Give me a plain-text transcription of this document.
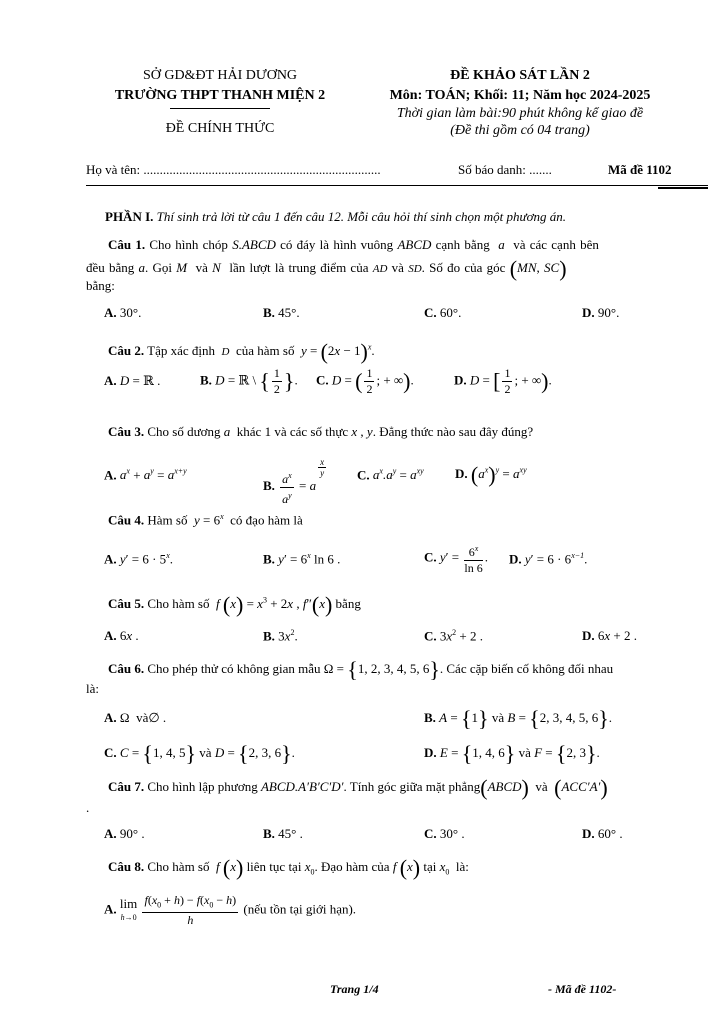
SỞ GD&ĐT HẢI DƯƠNG
TRƯỜNG THPT THANH MIỆN 2
ĐỀ CHÍNH THỨC
ĐỀ KHẢO SÁT LẦN 2
Môn: TOÁN; Khối: 11; Năm học 2024-2025
Thời gian làm bài:90 phút không kể giao đề
(Đề thi gồm có 04 trang)
Họ và tên: .........................................................................	Số báo danh: .......	Mã đề 1102
PHẦN I. Thí sinh trả lời từ câu 1 đến câu 12. Mỗi câu hỏi thí sinh chọn một phương án.
Câu 1. Cho hình chóp S.ABCD có đáy là hình vuông ABCD cạnh bằng a và các cạnh bên
đều bằng a. Gọi M và N lần lượt là trung điểm của AD và SD. Số đo của góc (MN, SC)
bằng:
A. 30°.	B. 45°.	C. 60°.	D. 90°.
Câu 2. Tập xác định D của hàm số $y = (2x - 1)^x$.
A. D = ℝ .	B. D = ℝ \ { $\frac{1}{2}$ }. C. D = ( $\frac{1}{2}$ ; + ∞).	D. D = [ $\frac{1}{2}$ ; + ∞).
Câu 3. Cho số dương a khác 1 và các số thực x , y. Đẳng thức nào sau đây đúng?
A. $a^x + a^y = a^{x+y}$
B. $\frac{a^x}{a^y} = a$
$^{\frac{x}{y}}$ C. $a^x.a^y = a^{xy}$ D. $(a^x)^y = a^{xy}$
Câu 4. Hàm số $y = 6^x$ có đạo hàm là
A. $y' = 6 \cdot 5^x$.	B. $y' = 6^x$ ln 6 .	C. $y' = \frac{6^x}{\ln 6}$ . D. $y' = 6 \cdot 6^{x-1}$.
Câu 5. Cho hàm số f $(x) = x^3 + 2x$ , f″(x) bằng
A. 6x .	B. $3x^2$.	C. $3x^2 + 2$ .	D. 6x + 2 .
Câu 6. Cho phép thử có không gian mẫu Ω = {1, 2, 3, 4, 5, 6}. Các cặp biến cố không đối nhau
là:
A. Ω  và∅ .	B. A = {1} và B = {2, 3, 4, 5, 6}.
C. C = {1, 4, 5} và D = {2, 3, 6}.	D. E = {1, 4, 6} và F = {2, 3}.
Câu 7. Cho hình lập phương ABCD.A′B′C′D′. Tính góc giữa mặt phẳng(ABCD) và (ACC′A′)
.
A. 90° .	B. 45° .	C. 30° .	D. 60° .
Câu 8. Cho hàm số f (x) liên tục tại $x_0$. Đạo hàm của f (x) tại $x_0$ là:
A. lim
$h\to 0 \frac{f(x_0 + h) - f(x_0 - h)}{h}$ (nếu tồn tại giới hạn).
Trang 1/4	- Mã đề 1102-
